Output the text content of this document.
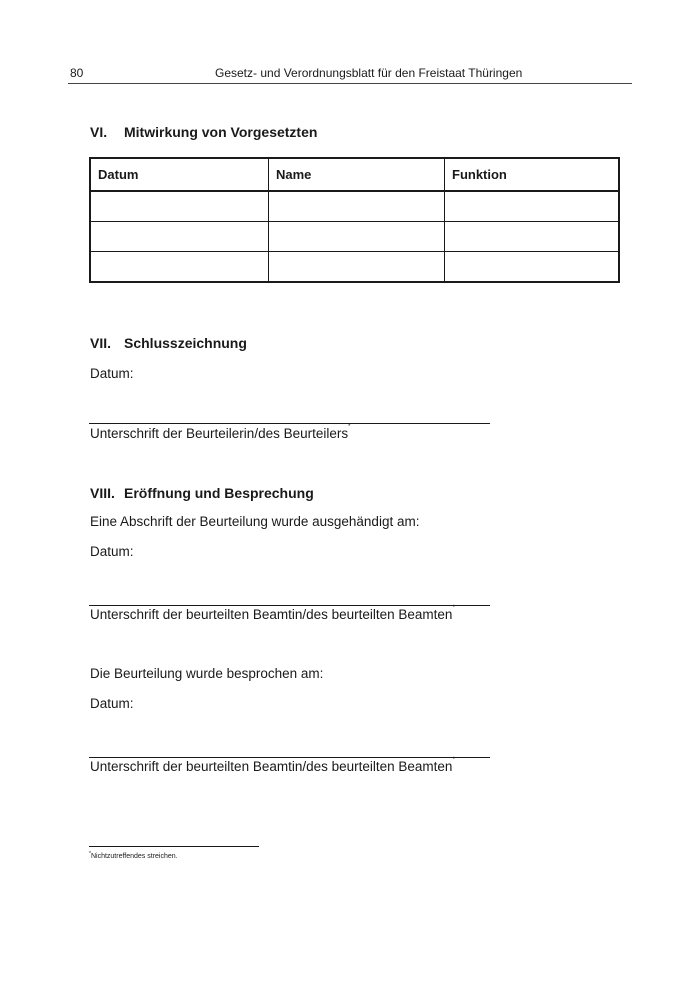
80	Gesetz- und Verordnungsblatt für den Freistaat Thüringen
VI. Mitwirkung von Vorgesetzten
Datum	Name	Funktion

VII. Schlusszeichnung
Datum:
Unterschrift der Beurteilerin/des Beurteilers*
VIII. Eröffnung und Besprechung
Eine Abschrift der Beurteilung wurde ausgehändigt am:
Datum:
Unterschrift der beurteilten Beamtin/des beurteilten Beamten*
Die Beurteilung wurde besprochen am:
Datum:
Unterschrift der beurteilten Beamtin/des beurteilten Beamten*
*Nichtzutreffendes streichen.
